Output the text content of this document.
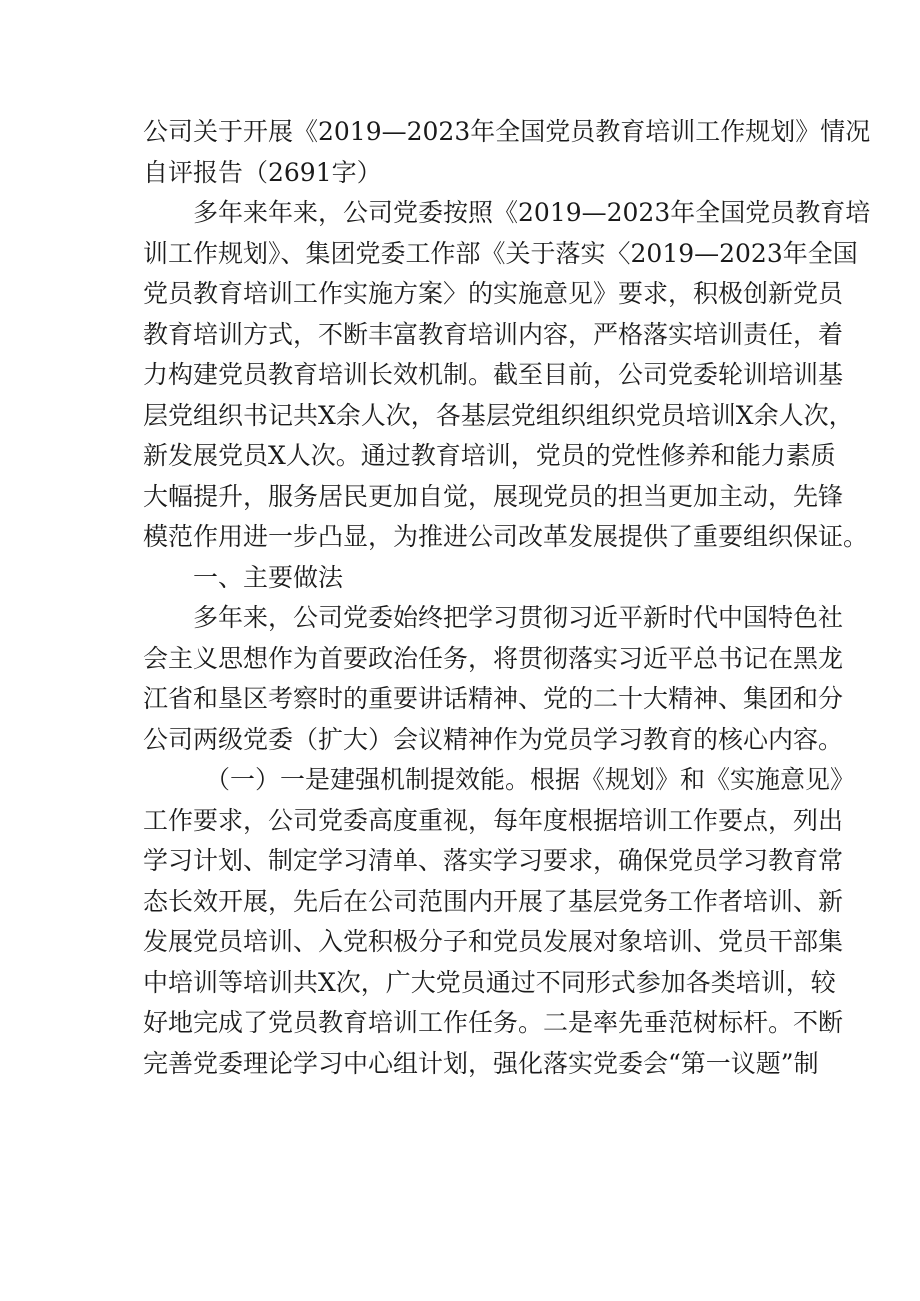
公司关于开展《2019—2023年全国党员教育培训工作规划》情况
自评报告（2691字）
多年来年来，公司党委按照《2019—2023年全国党员教育培
训工作规划》、集团党委工作部《关于落实〈2019—2023年全国
党员教育培训工作实施方案〉的实施意见》要求，积极创新党员
教育培训方式，不断丰富教育培训内容，严格落实培训责任，着
力构建党员教育培训长效机制。截至目前，公司党委轮训培训基
层党组织书记共X余人次，各基层党组织组织党员培训X余人次，
新发展党员X人次。通过教育培训，党员的党性修养和能力素质
大幅提升，服务居民更加自觉，展现党员的担当更加主动，先锋
模范作用进一步凸显，为推进公司改革发展提供了重要组织保证。
一、主要做法
多年来，公司党委始终把学习贯彻习近平新时代中国特色社
会主义思想作为首要政治任务，将贯彻落实习近平总书记在黑龙
江省和垦区考察时的重要讲话精神、党的二十大精神、集团和分
公司两级党委（扩大）会议精神作为党员学习教育的核心内容。
（一）一是建强机制提效能。根据《规划》和《实施意见》
工作要求，公司党委高度重视，每年度根据培训工作要点，列出
学习计划、制定学习清单、落实学习要求，确保党员学习教育常
态长效开展，先后在公司范围内开展了基层党务工作者培训、新
发展党员培训、入党积极分子和党员发展对象培训、党员干部集
中培训等培训共X次，广大党员通过不同形式参加各类培训，较
好地完成了党员教育培训工作任务。二是率先垂范树标杆。不断
完善党委理论学习中心组计划，强化落实党委会“第一议题”制
